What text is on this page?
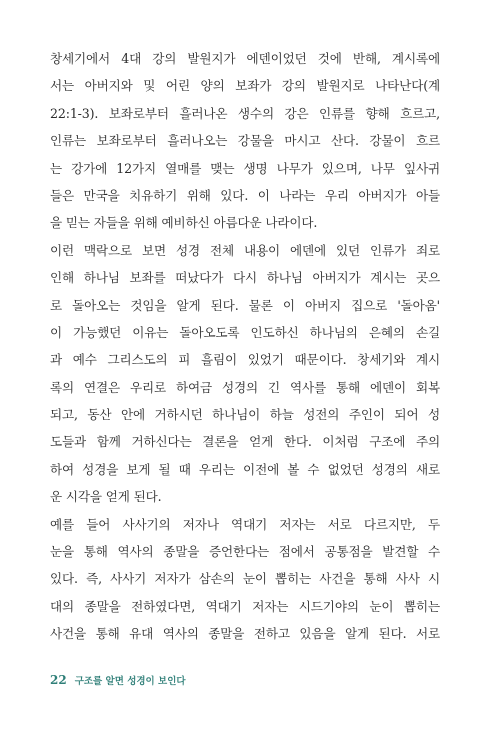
창세기에서 4대 강의 발원지가 에덴이었던 것에 반해, 계시록에
서는 아버지와 및 어린 양의 보좌가 강의 발원지로 나타난다(계
22:1-3). 보좌로부터 흘러나온 생수의 강은 인류를 향해 흐르고,
인류는 보좌로부터 흘러나오는 강물을 마시고 산다. 강물이 흐르
는 강가에 12가지 열매를 맺는 생명 나무가 있으며, 나무 잎사귀
들은 만국을 치유하기 위해 있다. 이 나라는 우리 아버지가 아들
을 믿는 자들을 위해 예비하신 아름다운 나라이다.
이런 맥락으로 보면 성경 전체 내용이 에덴에 있던 인류가 죄로
인해 하나님 보좌를 떠났다가 다시 하나님 아버지가 계시는 곳으
로 돌아오는 것임을 알게 된다. 물론 이 아버지 집으로 '돌아옴'
이 가능했던 이유는 돌아오도록 인도하신 하나님의 은혜의 손길
과 예수 그리스도의 피 흘림이 있었기 때문이다. 창세기와 계시
록의 연결은 우리로 하여금 성경의 긴 역사를 통해 에덴이 회복
되고, 동산 안에 거하시던 하나님이 하늘 성전의 주인이 되어 성
도들과 함께 거하신다는 결론을 얻게 한다. 이처럼 구조에 주의
하여 성경을 보게 될 때 우리는 이전에 볼 수 없었던 성경의 새로
운 시각을 얻게 된다.
예를 들어 사사기의 저자나 역대기 저자는 서로 다르지만, 두
눈을 통해 역사의 종말을 증언한다는 점에서 공통점을 발견할 수
있다. 즉, 사사기 저자가 삼손의 눈이 뽑히는 사건을 통해 사사 시
대의 종말을 전하였다면, 역대기 저자는 시드기야의 눈이 뽑히는
사건을 통해 유대 역사의 종말을 전하고 있음을 알게 된다. 서로
22 구조를 알면 성경이 보인다
